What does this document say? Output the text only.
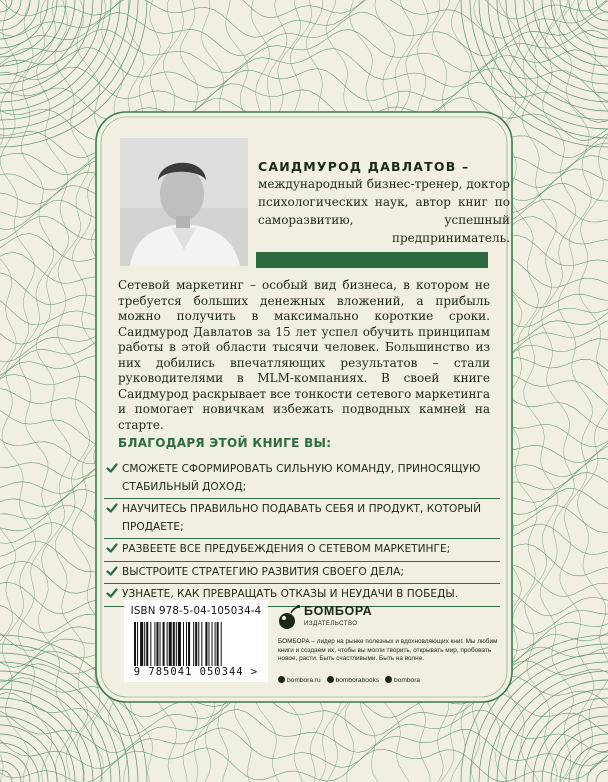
САИДМУРОД ДАВЛАТОВ –
международный бизнес-тренер, доктор психологических наук, автор книг по саморазвитию, успешный предприниматель.
Сетевой маркетинг – особый вид бизнеса, в котором не требуется больших денежных вложений, а прибыль можно получить в максимально короткие сроки. Саидмурод Давлатов за 15 лет успел обучить принципам работы в этой области тысячи человек. Большинство из них добились впечатляющих результатов – стали руководителями в MLM-компаниях. В своей книге Саидмурод раскрывает все тонкости сетевого маркетинга и помогает новичкам избежать подводных камней на старте.
БЛАГОДАРЯ ЭТОЙ КНИГЕ ВЫ:
СМОЖЕТЕ СФОРМИРОВАТЬ СИЛЬНУЮ КОМАНДУ, ПРИНОСЯЩУЮ СТАБИЛЬНЫЙ ДОХОД;
НАУЧИТЕСЬ ПРАВИЛЬНО ПОДАВАТЬ СЕБЯ И ПРОДУКТ, КОТОРЫЙ ПРОДАЕТЕ;
РАЗВЕЕТЕ ВСЕ ПРЕДУБЕЖДЕНИЯ О СЕТЕВОМ МАРКЕТИНГЕ;
ВЫСТРОИТЕ СТРАТЕГИЮ РАЗВИТИЯ СВОЕГО ДЕЛА;
УЗНАЕТЕ, КАК ПРЕВРАЩАТЬ ОТКАЗЫ И НЕУДАЧИ В ПОБЕДЫ.
ISBN 978-5-04-105034-4
9 785041 050344 >
БОМБОРА
ИЗДАТЕЛЬСТВО
БОМБОРА – лидер на рынке полезных и вдохновляющих книг. Мы любим книги и создаем их, чтобы вы могли творить, открывать мир, пробовать новое, расти. Быть счастливыми. Быть на волне.
bombora.ru bomborabooks bombora
